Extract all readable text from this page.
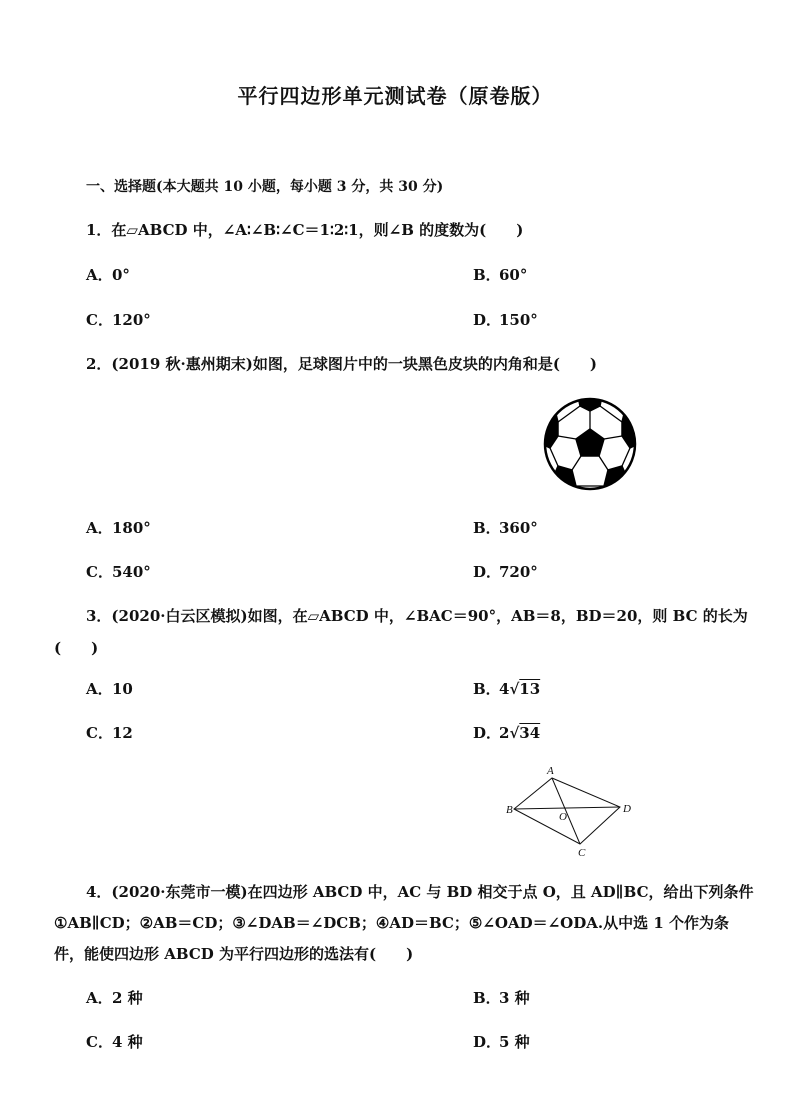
平行四边形单元测试卷（原卷版）
一、选择题(本大题共 10 小题，每小题 3 分，共 30 分)
1．在▱ABCD 中，∠A∶∠B∶∠C＝1∶2∶1，则∠B 的度数为(　　)
A．0°	B．60°
C．120°	D．150°
2．(2019 秋·惠州期末)如图，足球图片中的一块黑色皮块的内角和是(　　)
A．180°	B．360°
C．540°	D．720°
3．(2020·白云区模拟)如图，在▱ABCD 中，∠BAC＝90°，AB＝8，BD＝20，则 BC 的长为
(　　)
A．10	B．4√13
C．12	D．2√34
A
B
C
D
O
4．(2020·东莞市一模)在四边形 ABCD 中，AC 与 BD 相交于点 O，且 AD∥BC，给出下列条件
①AB∥CD；②AB＝CD；③∠DAB＝∠DCB；④AD＝BC；⑤∠OAD＝∠ODA.从中选 1 个作为条
件，能使四边形 ABCD 为平行四边形的选法有(　　)
A．2 种	B．3 种
C．4 种	D．5 种
